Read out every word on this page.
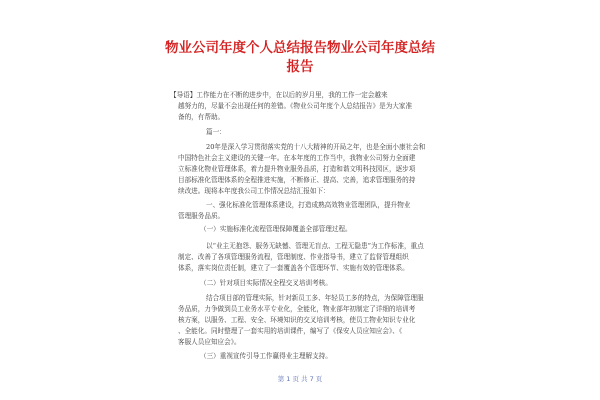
物业公司年度个人总结报告物业公司年度总结
报告
【导语】工作能力在不断的进步中，在以后的岁月里，我的工作一定会越来
越努力的，尽量不会出现任何的差错。《物业公司年度个人总结报告》是为大家准
备的，有帮助。
篇一：
20年是深入学习贯彻落实党的十八大精神的开局之年，也是全面小康社会和
中国特色社会主义建设的关键一年。在本年度的工作当中，我物业公司努力全面建
立标准化物业管理体系，着力提升物业服务品质，打造和谐文明科技园区，逐步项
目部标准化管理体系的全程推进实施，不断修正、提高、完善，追求管理服务的持
续改进。现将本年度我公司工作情况总结汇报如下：
一、强化标准化管理体系建设，打造成熟高效物业管理团队，提升物业
管理服务品质。
（一）实施标准化流程管理保障覆盖全部管理过程。
以“业主无抱怨、服务无缺憾、管理无盲点、工程无隐患”为工作标准，重点
制定、改善了各项管理服务流程，管理制度、作业指导书，建立了监督管理组织
体系，落实岗位责任制，建立了一套覆盖各个管理环节、实施有效的管理体系。
（二）针对项目实际情况全程交叉培训考核。
结合项目部的管理实际，针对新员工多、年轻员工多的特点，为保障管理服
务品质，力争做到员工业务水平专业化，全能化，物业部年初制定了详细的培训考
核方案，以服务、工程、安全、环境知识的交叉培训考核，使员工物业知识专业化
、全能化。同时整理了一套实用的培训课件，编写了《保安人员应知应会》、《
客服人员应知应会》。
（三）重视宣传引导工作赢得业主理解支持。
第 1 页 共 7 页
